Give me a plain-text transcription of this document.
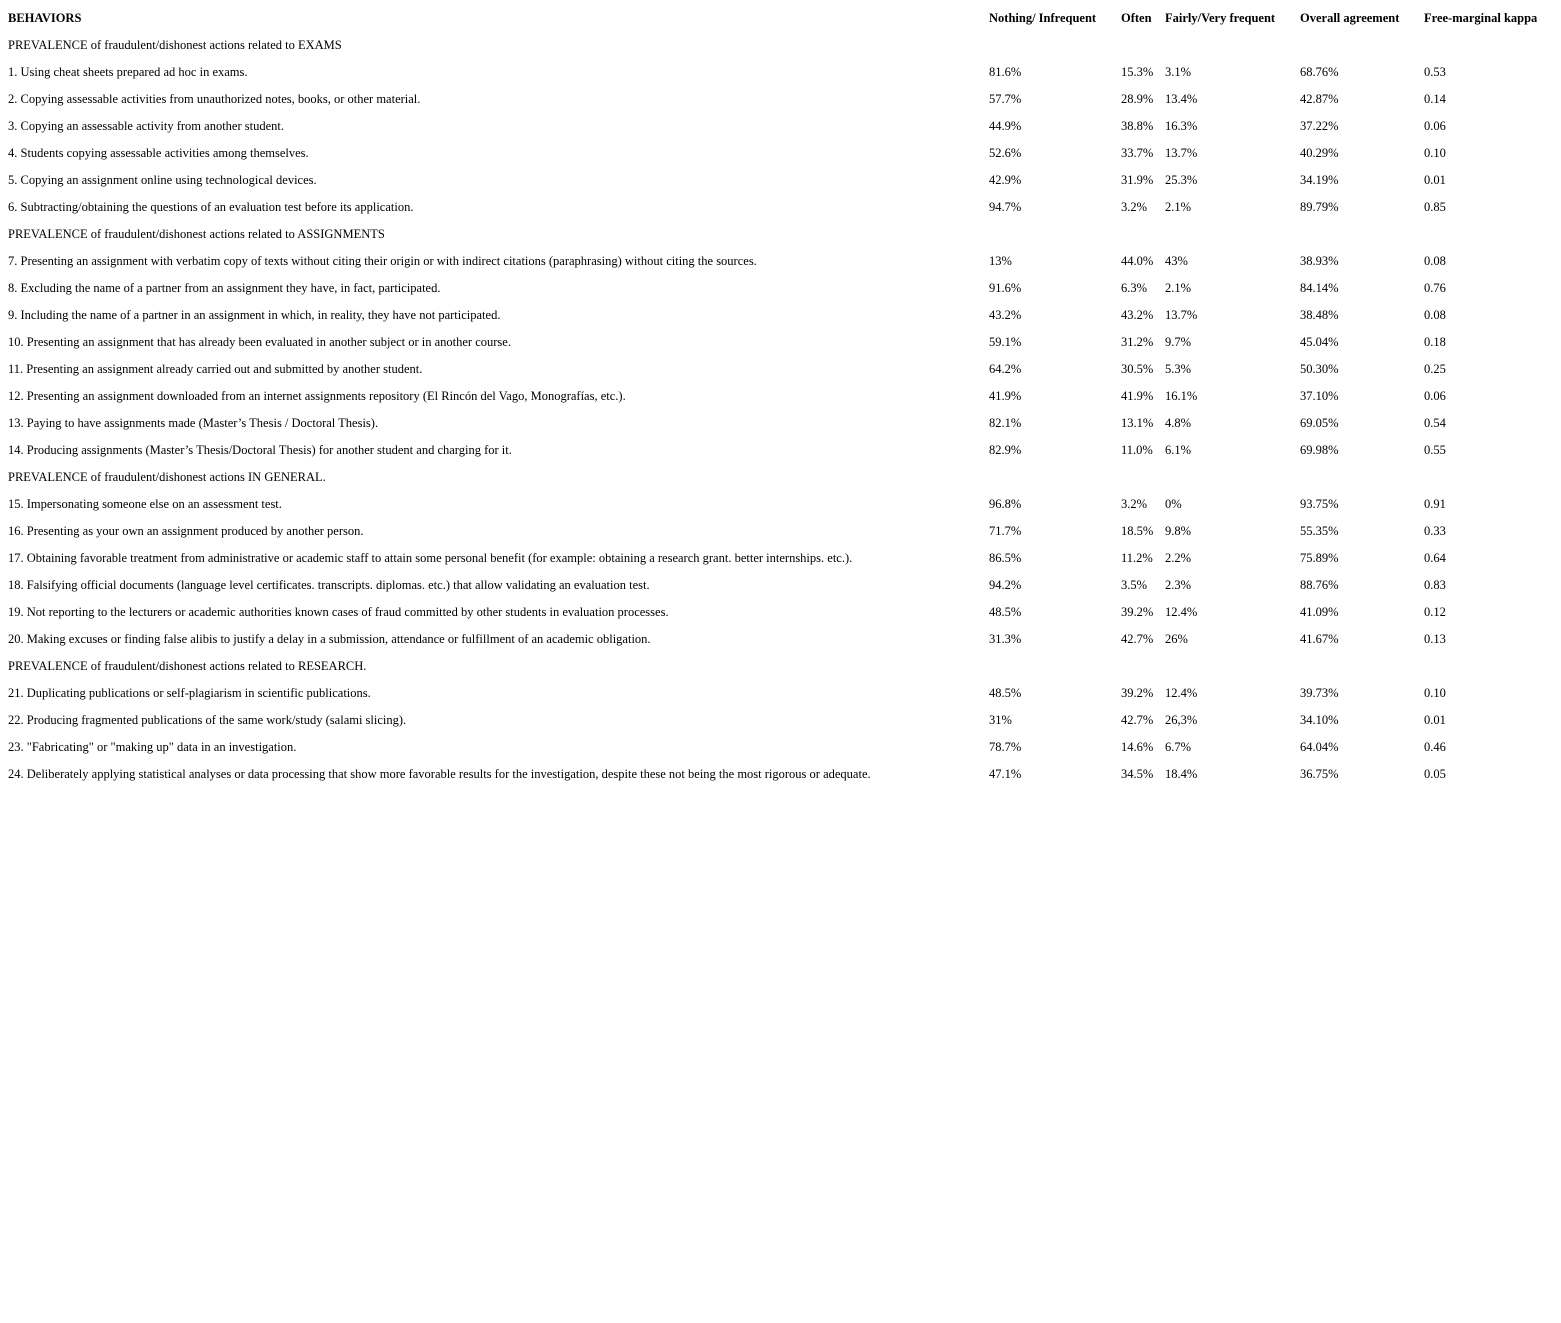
BEHAVIORS	Nothing/ Infrequent	Often	Fairly/Very frequent	Overall agreement	Free-marginal kappa
PREVALENCE of fraudulent/dishonest actions related to EXAMS					
1. Using cheat sheets prepared ad hoc in exams.	81.6%	15.3%	3.1%	68.76%	0.53
2. Copying assessable activities from unauthorized notes, books, or other material.	57.7%	28.9%	13.4%	42.87%	0.14
3. Copying an assessable activity from another student.	44.9%	38.8%	16.3%	37.22%	0.06
4. Students copying assessable activities among themselves.	52.6%	33.7%	13.7%	40.29%	0.10
5. Copying an assignment online using technological devices.	42.9%	31.9%	25.3%	34.19%	0.01
6. Subtracting/obtaining the questions of an evaluation test before its application.	94.7%	3.2%	2.1%	89.79%	0.85
PREVALENCE of fraudulent/dishonest actions related to ASSIGNMENTS					
7. Presenting an assignment with verbatim copy of texts without citing their origin or with indirect citations (paraphrasing) without citing the sources.	13%	44.0%	43%	38.93%	0.08
8. Excluding the name of a partner from an assignment they have, in fact, participated.	91.6%	6.3%	2.1%	84.14%	0.76
9. Including the name of a partner in an assignment in which, in reality, they have not participated.	43.2%	43.2%	13.7%	38.48%	0.08
10. Presenting an assignment that has already been evaluated in another subject or in another course.	59.1%	31.2%	9.7%	45.04%	0.18
11. Presenting an assignment already carried out and submitted by another student.	64.2%	30.5%	5.3%	50.30%	0.25
12. Presenting an assignment downloaded from an internet assignments repository (El Rincón del Vago, Monografías, etc.).	41.9%	41.9%	16.1%	37.10%	0.06
13. Paying to have assignments made (Master’s Thesis / Doctoral Thesis).	82.1%	13.1%	4.8%	69.05%	0.54
14. Producing assignments (Master’s Thesis/Doctoral Thesis) for another student and charging for it.	82.9%	11.0%	6.1%	69.98%	0.55
PREVALENCE of fraudulent/dishonest actions IN GENERAL.					
15. Impersonating someone else on an assessment test.	96.8%	3.2%	0%	93.75%	0.91
16. Presenting as your own an assignment produced by another person.	71.7%	18.5%	9.8%	55.35%	0.33
17. Obtaining favorable treatment from administrative or academic staff to attain some personal benefit (for example: obtaining a research grant. better internships. etc.).	86.5%	11.2%	2.2%	75.89%	0.64
18. Falsifying official documents (language level certificates. transcripts. diplomas. etc.) that allow validating an evaluation test.	94.2%	3.5%	2.3%	88.76%	0.83
19. Not reporting to the lecturers or academic authorities known cases of fraud committed by other students in evaluation processes.	48.5%	39.2%	12.4%	41.09%	0.12
20. Making excuses or finding false alibis to justify a delay in a submission, attendance or fulfillment of an academic obligation.	31.3%	42.7%	26%	41.67%	0.13
PREVALENCE of fraudulent/dishonest actions related to RESEARCH.					
21. Duplicating publications or self-plagiarism in scientific publications.	48.5%	39.2%	12.4%	39.73%	0.10
22. Producing fragmented publications of the same work/study (salami slicing).	31%	42.7%	26,3%	34.10%	0.01
23. "Fabricating" or "making up" data in an investigation.	78.7%	14.6%	6.7%	64.04%	0.46
24. Deliberately applying statistical analyses or data processing that show more favorable results for the investigation, despite these not being the most rigorous or adequate.	47.1%	34.5%	18.4%	36.75%	0.05
